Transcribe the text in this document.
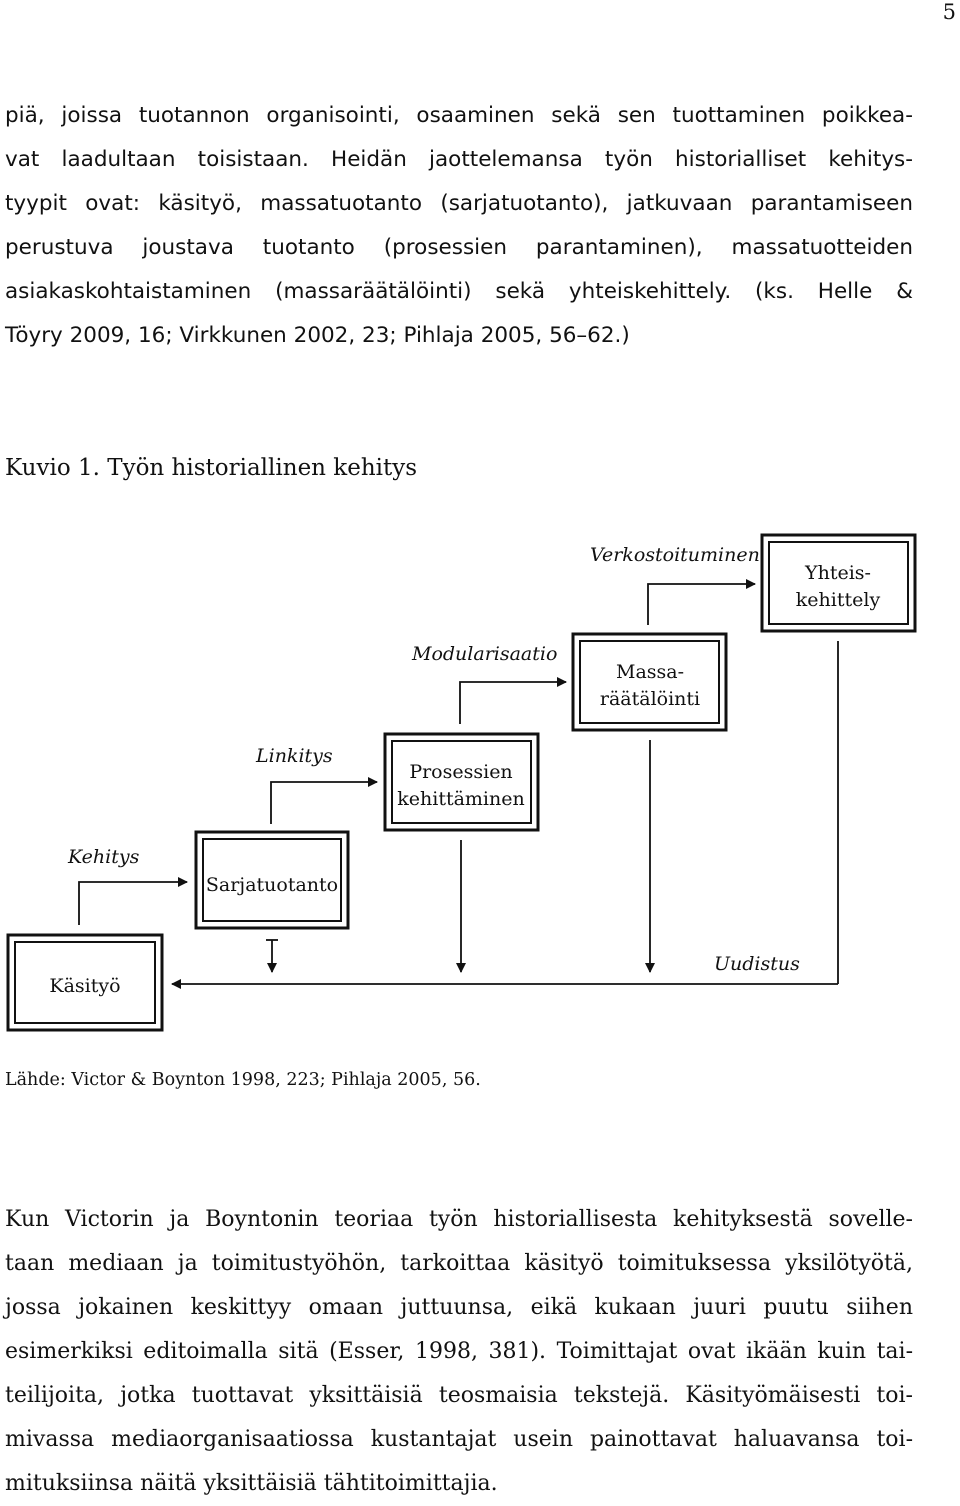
5

piä, joissa tuotannon organisointi, osaaminen sekä sen tuottaminen poikkea-
vat laadultaan toisistaan. Heidän jaottelemansa työn historialliset kehitys-
tyypit ovat: käsityö, massatuotanto (sarjatuotanto), jatkuvaan parantamiseen
perustuva joustava tuotanto (prosessien parantaminen), massatuotteiden
asiakaskohtaistaminen (massaräätälöinti) sekä yhteiskehittely. (ks. Helle &
Töyry 2009, 16; Virkkunen 2002, 23; Pihlaja 2005, 56–62.)

Kuvio 1. Työn historiallinen kehitys
Käsityö
Sarjatuotanto
Prosessien
kehittäminen
Massa-
räätälöinti
Yhteis-
kehittely
Kehitys
Linkitys
Modularisaatio
Verkostoituminen
Uudistus
Lähde: Victor & Boynton 1998, 223; Pihlaja 2005, 56.

Kun Victorin ja Boyntonin teoriaa työn historiallisesta kehityksestä sovelle-
taan mediaan ja toimitustyöhön, tarkoittaa käsityö toimituksessa yksilötyötä,
jossa jokainen keskittyy omaan juttuunsa, eikä kukaan juuri puutu siihen
esimerkiksi editoimalla sitä (Esser, 1998, 381). Toimittajat ovat ikään kuin tai-
teilijoita, jotka tuottavat yksittäisiä teosmaisia tekstejä. Käsityömäisesti toi-
mivassa mediaorganisaatiossa kustantajat usein painottavat haluavansa toi-
mituksiinsa näitä yksittäisiä tähtitoimittajia.
